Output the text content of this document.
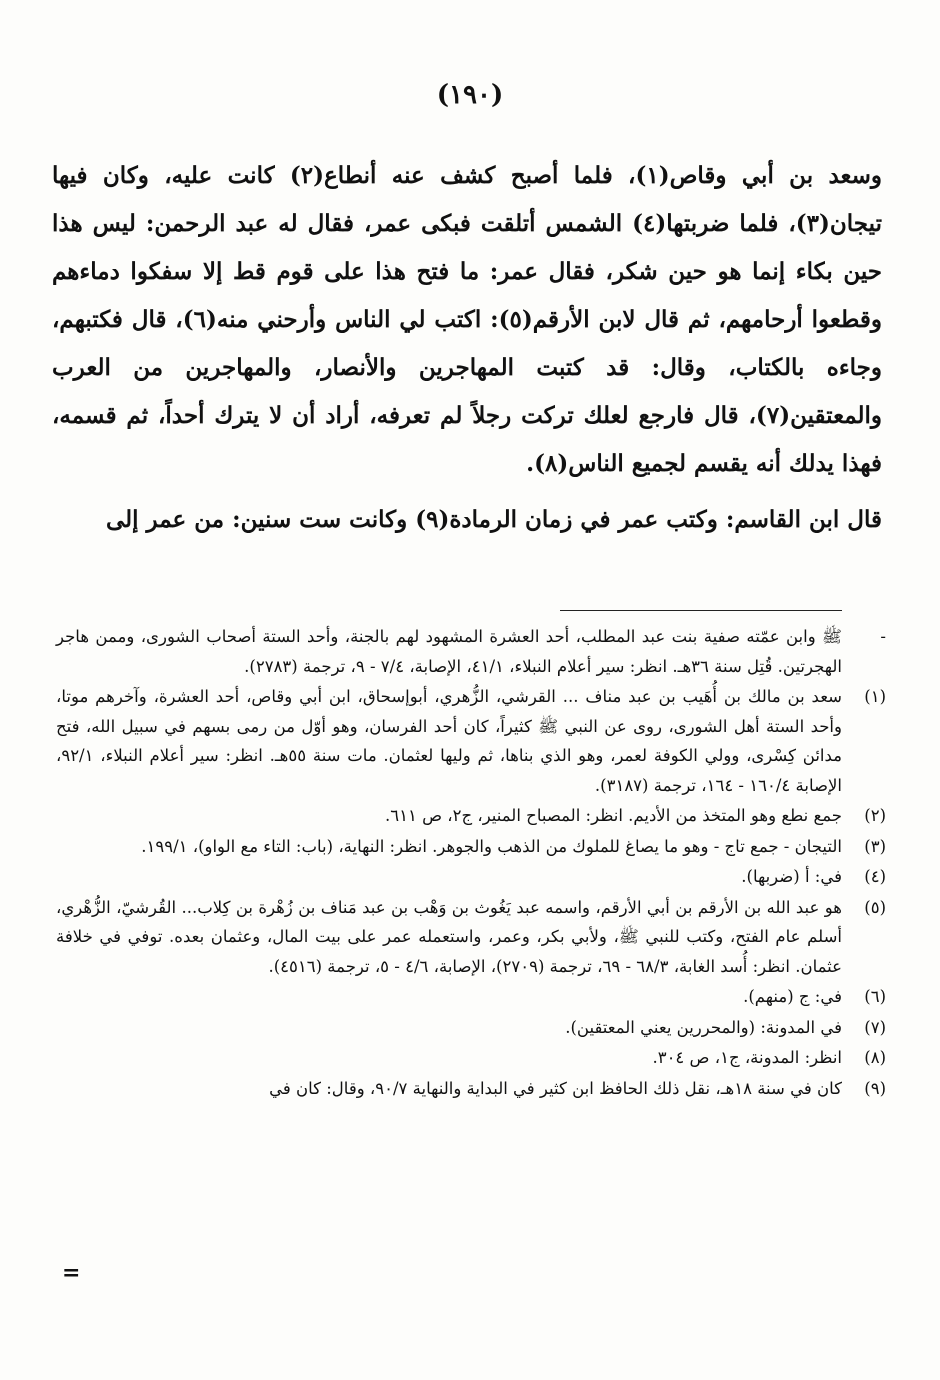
(١٩٠)

وسعد بن أبي وقاص(١)، فلما أصبح كشف عنه أنطاع(٢) كانت عليه، وكان فيها تيجان(٣)، فلما ضربتها(٤) الشمس أتلقت فبكى عمر، فقال له عبد الرحمن: ليس هذا حين بكاء إنما هو حين شكر، فقال عمر: ما فتح هذا على قوم قط إلا سفكوا دماءهم وقطعوا أرحامهم، ثم قال لابن الأرقم(٥): اكتب لي الناس وأرحني منه(٦)، قال فكتبهم، وجاءه بالكتاب، وقال: قد كتبت المهاجرين والأنصار، والمهاجرين من العرب والمعتقين(٧)، قال فارجع لعلك تركت رجلاً لم تعرفه، أراد أن لا يترك أحداً، ثم قسمه، فهذا يدلك أنه يقسم لجميع الناس(٨).

قال ابن القاسم: وكتب عمر في زمان الرمادة(٩) وكانت ست سنين: من عمر إلى

-
ﷺ وابن عمّته صفية بنت عبد المطلب، أحد العشرة المشهود لهم بالجنة، وأحد الستة أصحاب الشورى، وممن هاجر الهجرتين. قُتِل سنة ٣٦هـ. انظر: سير أعلام النبلاء، ٤١/١، الإصابة، ٧/٤ - ٩، ترجمة (٢٧٨٣).
(١)
سعد بن مالك بن أُهَيب بن عبد مناف ... القرشي، الزُّهري، أبوإسحاق، ابن أبي وقاص، أحد العشرة، وآخرهم موتا، وأحد الستة أهل الشورى، روى عن النبي ﷺ كثيراً، كان أحد الفرسان، وهو أوّل من رمى بسهم في سبيل الله، فتح مدائن كِسْرى، وولي الكوفة لعمر، وهو الذي بناها، ثم وليها لعثمان. مات سنة ٥٥هـ. انظر: سير أعلام النبلاء، ٩٢/١، الإصابة ١٦٠/٤ - ١٦٤، ترجمة (٣١٨٧).
(٢)
جمع نطع وهو المتخذ من الأديم. انظر: المصباح المنير، ج٢، ص ٦١١.
(٣)
التيجان - جمع تاج - وهو ما يصاغ للملوك من الذهب والجوهر. انظر: النهاية، (باب: التاء مع الواو)، ١٩٩/١.
(٤)
في: أ (ضربها).
(٥)
هو عبد الله بن الأرقم بن أبي الأرقم، واسمه عبد يَغُوث بن وَهْب بن عبد مَناف بن زُهْرة بن كِلاب... القُرشيّ، الزُّهْري، أسلم عام الفتح، وكتب للنبي ﷺ، ولأبي بكر، وعمر، واستعمله عمر على بيت المال، وعثمان بعده. توفي في خلافة عثمان. انظر: أُسد الغابة، ٦٨/٣ - ٦٩، ترجمة (٢٧٠٩)، الإصابة، ٤/٦ - ٥، ترجمة (٤٥١٦).
(٦)
في: ج (منهم).
(٧)
في المدونة: (والمحررين يعني المعتقين).
(٨)
انظر: المدونة، ج١، ص ٣٠٤.
(٩)
كان في سنة ١٨هـ، نقل ذلك الحافظ ابن كثير في البداية والنهاية ٩٠/٧، وقال: كان في
=
